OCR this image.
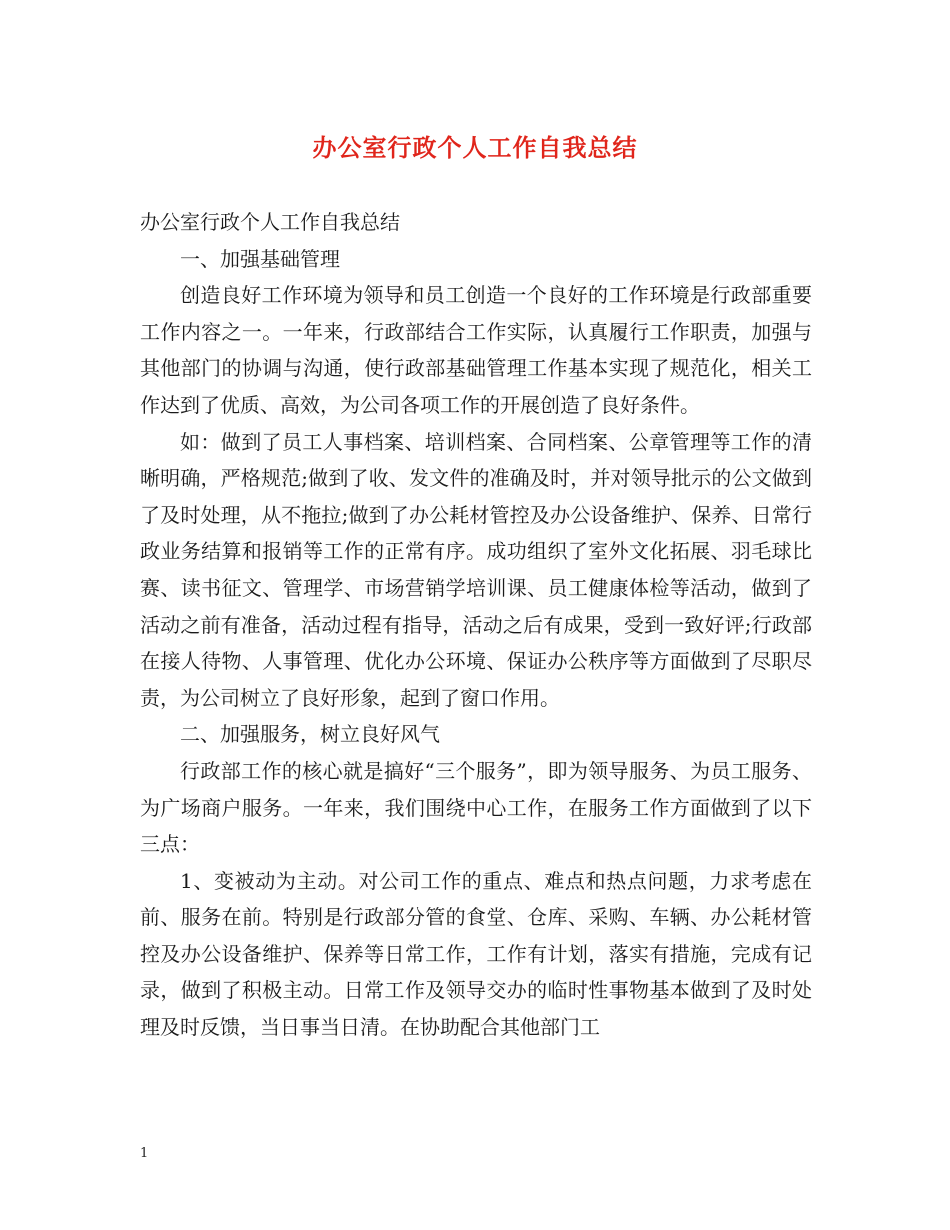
办公室行政个人工作自我总结

办公室行政个人工作自我总结

一、加强基础管理

创造良好工作环境为领导和员工创造一个良好的工作环境是行政部重要工作内容之一。一年来，行政部结合工作实际，认真履行工作职责，加强与其他部门的协调与沟通，使行政部基础管理工作基本实现了规范化，相关工作达到了优质、高效，为公司各项工作的开展创造了良好条件。

如：做到了员工人事档案、培训档案、合同档案、公章管理等工作的清晰明确，严格规范;做到了收、发文件的准确及时，并对领导批示的公文做到了及时处理，从不拖拉;做到了办公耗材管控及办公设备维护、保养、日常行政业务结算和报销等工作的正常有序。成功组织了室外文化拓展、羽毛球比赛、读书征文、管理学、市场营销学培训课、员工健康体检等活动，做到了活动之前有准备，活动过程有指导，活动之后有成果，受到一致好评;行政部在接人待物、人事管理、优化办公环境、保证办公秩序等方面做到了尽职尽责，为公司树立了良好形象，起到了窗口作用。

二、加强服务，树立良好风气

行政部工作的核心就是搞好“三个服务”，即为领导服务、为员工服务、为广场商户服务。一年来，我们围绕中心工作，在服务工作方面做到了以下三点：

1、变被动为主动。对公司工作的重点、难点和热点问题，力求考虑在前、服务在前。特别是行政部分管的食堂、仓库、采购、车辆、办公耗材管控及办公设备维护、保养等日常工作，工作有计划，落实有措施，完成有记录，做到了积极主动。日常工作及领导交办的临时性事物基本做到了及时处理及时反馈，当日事当日清。在协助配合其他部门工

1
